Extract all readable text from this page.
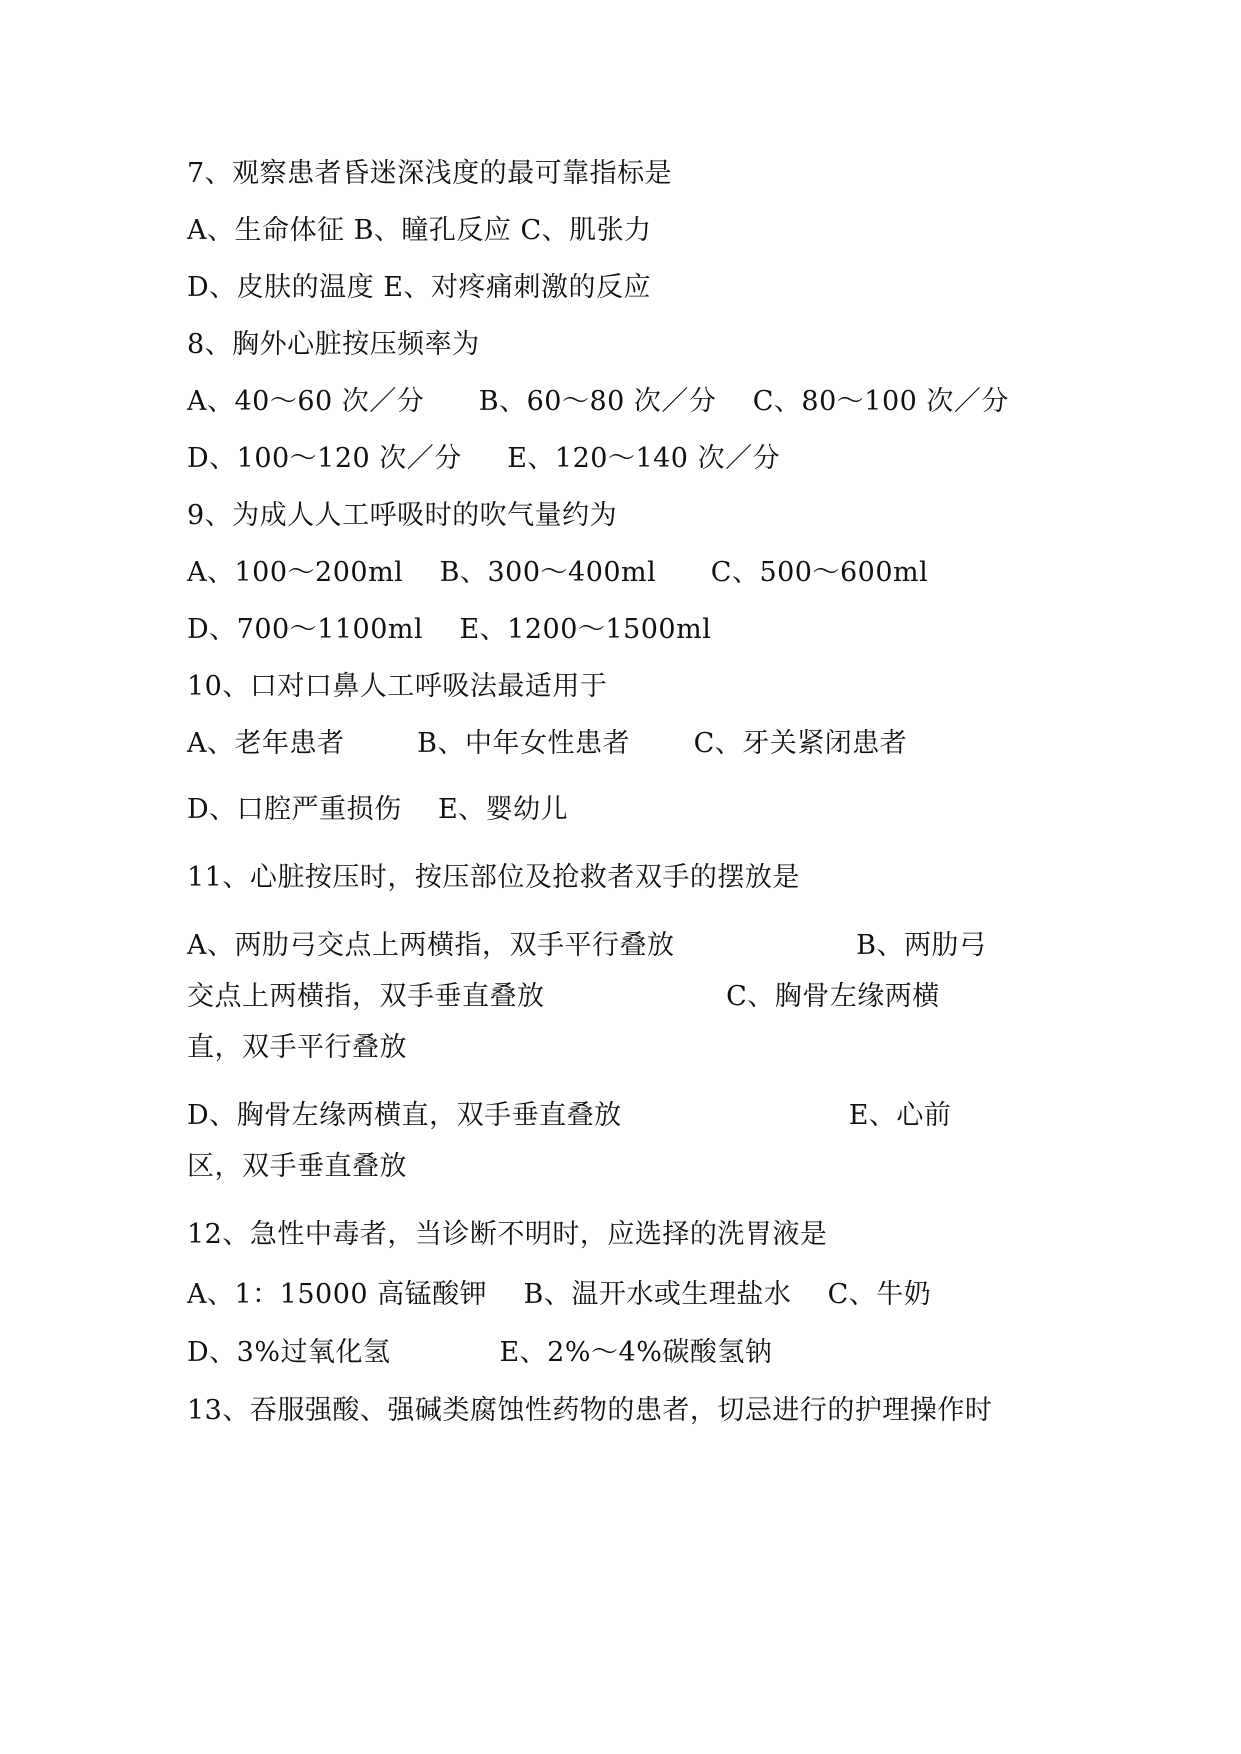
7、观察患者昏迷深浅度的最可靠指标是
A、生命体征 B、瞳孔反应 C、肌张力
D、皮肤的温度 E、对疼痛刺激的反应
8、胸外心脏按压频率为
A、40～60 次／分      B、60～80 次／分    C、80～100 次／分
D、100～120 次／分     E、120～140 次／分
9、为成人人工呼吸时的吹气量约为
A、100～200ml    B、300～400ml      C、500～600ml
D、700～1100ml    E、1200～1500ml
10、口对口鼻人工呼吸法最适用于
A、老年患者        B、中年女性患者       C、牙关紧闭患者
D、口腔严重损伤    E、婴幼儿
11、心脏按压时，按压部位及抢救者双手的摆放是
A、两肋弓交点上两横指，双手平行叠放                    B、两肋弓
交点上两横指，双手垂直叠放                    C、胸骨左缘两横
直，双手平行叠放
D、胸骨左缘两横直，双手垂直叠放                         E、心前
区，双手垂直叠放
12、急性中毒者，当诊断不明时，应选择的洗胃液是
A、1：15000 高锰酸钾    B、温开水或生理盐水    C、牛奶
D、3%过氧化氢            E、2%～4%碳酸氢钠
13、吞服强酸、强碱类腐蚀性药物的患者，切忌进行的护理操作时
